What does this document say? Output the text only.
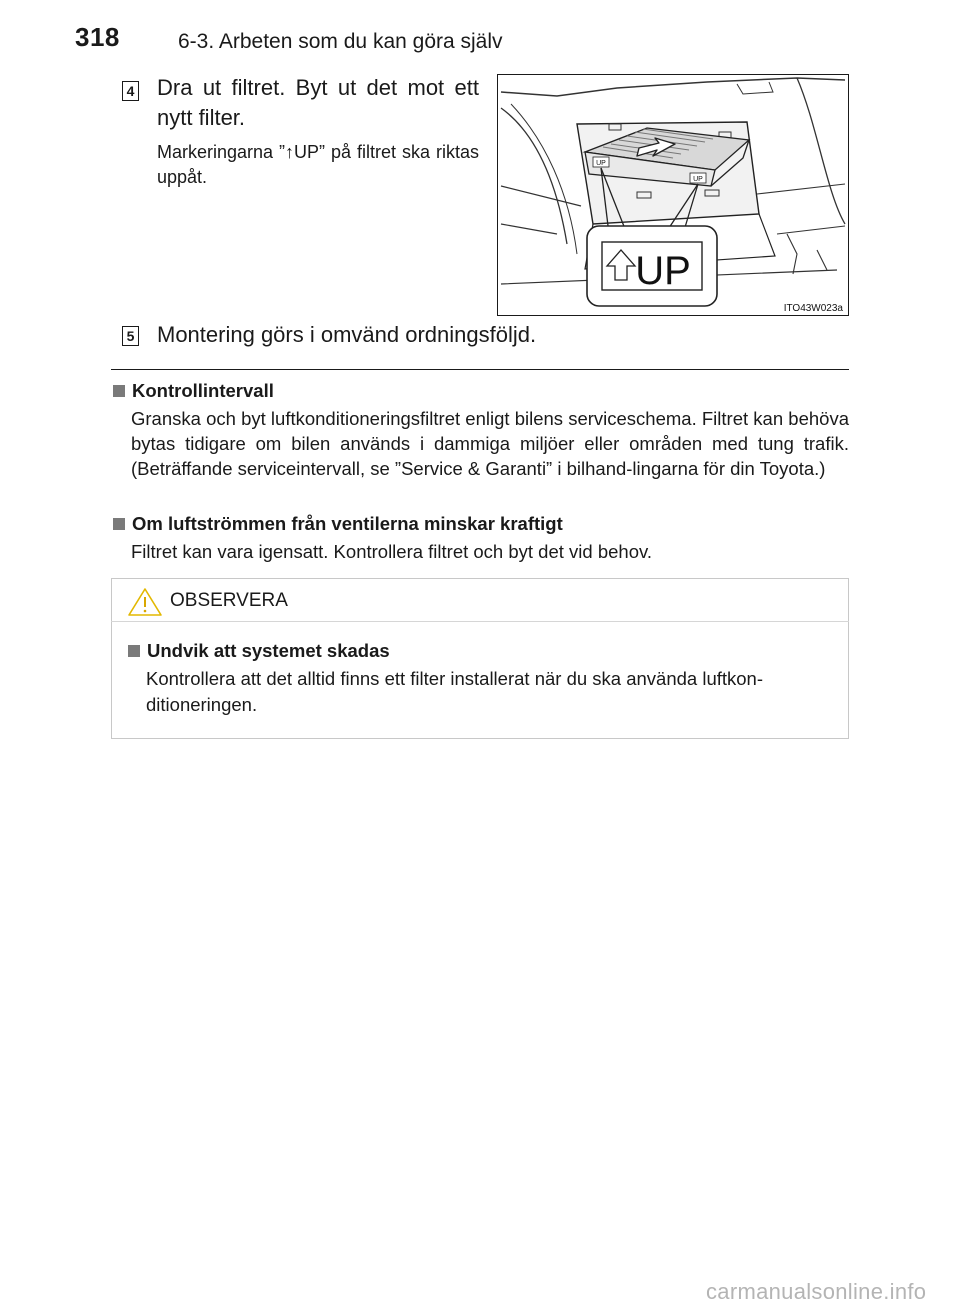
318	6-3. Arbeten som du kan göra själv
4 Dra ut filtret. Byt ut det mot ett nytt filter.
Markeringarna ”↑UP” på filtret ska riktas uppåt.
UP
UP
UP
ITO43W023a
5 Montering görs i omvänd ordningsföljd.
Kontrollintervall
Granska och byt luftkonditioneringsfiltret enligt bilens serviceschema. Filtret kan behöva bytas tidigare om bilen används i dammiga miljöer eller områden med tung trafik. (Beträffande serviceintervall, se ”Service & Garanti” i bilhand-lingarna för din Toyota.)
Om luftströmmen från ventilerna minskar kraftigt
Filtret kan vara igensatt. Kontrollera filtret och byt det vid behov.
OBSERVERA
Undvik att systemet skadas
Kontrollera att det alltid finns ett filter installerat när du ska använda luftkon-ditioneringen.
carmanualsonline.info
